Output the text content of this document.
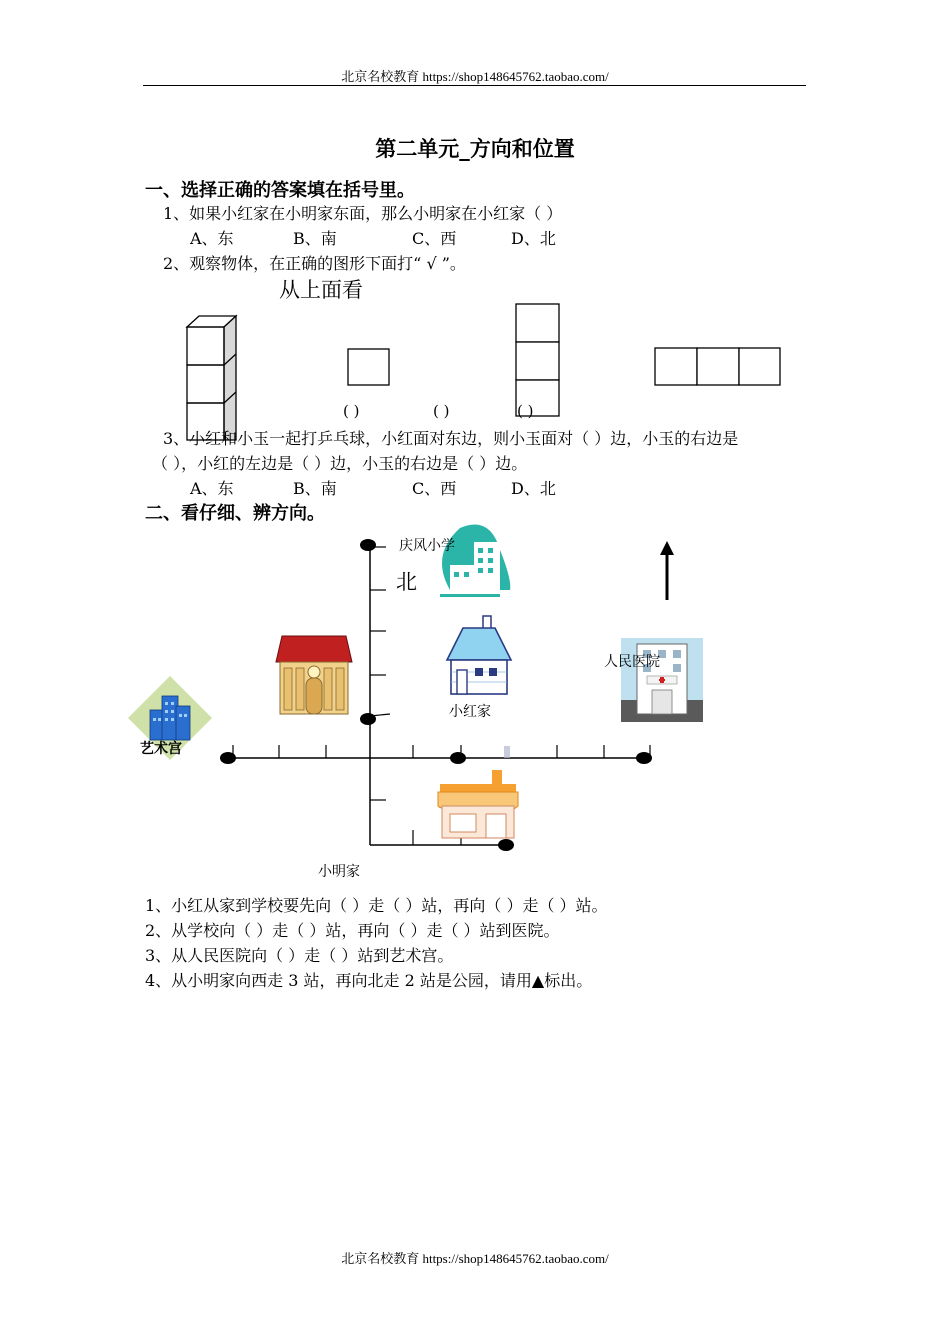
北京名校教育 https://shop148645762.taobao.com/
第二单元_方向和位置
一、选择正确的答案填在括号里。
1、如果小红家在小明家东面，那么小明家在小红家（ ）
A、东	B、南	C、西	D、北
2、观察物体，在正确的图形下面打“ √ ”。
从上面看
( )	( )	( )
3、小红和小玉一起打乒乓球，小红面对东边，则小玉面对（ ）边，小玉的右边是
（ ），小红的左边是（ ）边，小玉的右边是（ ）边。
A、东	B、南	C、西	D、北
二、看仔细、辨方向。
庆风小学
北
小红家
人民医院
艺术宫
小明家
1、小红从家到学校要先向（ ）走（ ）站，再向（ ）走（ ）站。
2、从学校向（ ）走（ ）站，再向（ ）走（ ）站到医院。
3、从人民医院向（ ）走（ ）站到艺术宫。
4、从小明家向西走 3 站，再向北走 2 站是公园，请用▲标出。
北京名校教育 https://shop148645762.taobao.com/
